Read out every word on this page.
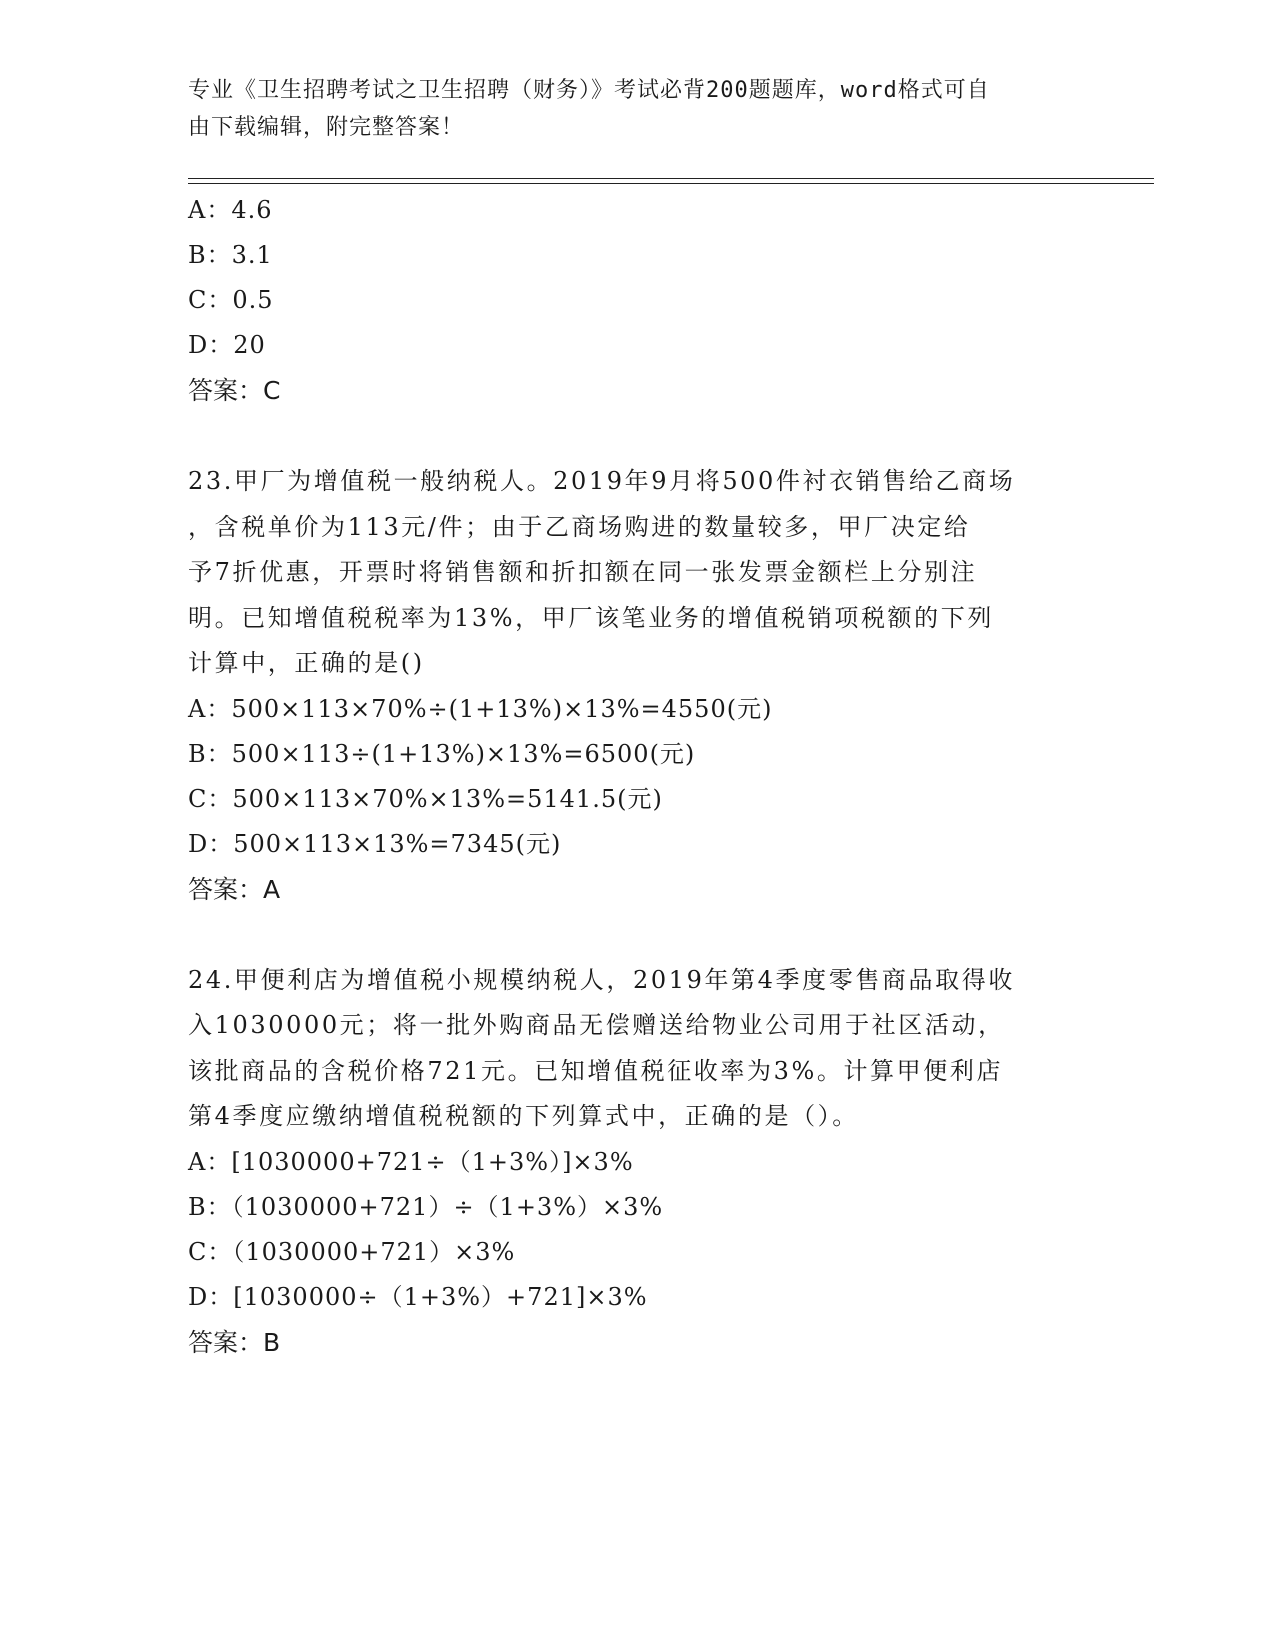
专业《卫生招聘考试之卫生招聘（财务）》考试必背200题题库，word格式可自
由下载编辑，附完整答案！
A：4.6
B：3.1
C：0.5
D：20
答案：C
23.甲厂为增值税一般纳税人。2019年9月将500件衬衣销售给乙商场
，含税单价为113元/件；由于乙商场购进的数量较多，甲厂决定给
予7折优惠，开票时将销售额和折扣额在同一张发票金额栏上分别注
明。已知增值税税率为13%，甲厂该笔业务的增值税销项税额的下列
计算中，正确的是()
A：500×113×70%÷(1+13%)×13%=4550(元)
B：500×113÷(1+13%)×13%=6500(元)
C：500×113×70%×13%=5141.5(元)
D：500×113×13%=7345(元)
答案：A
24.甲便利店为增值税小规模纳税人，2019年第4季度零售商品取得收
入1030000元；将一批外购商品无偿赠送给物业公司用于社区活动，
该批商品的含税价格721元。已知增值税征收率为3%。计算甲便利店
第4季度应缴纳增值税税额的下列算式中，正确的是（）。
A：[1030000+721÷（1+3%）]×3%
B：（1030000+721）÷（1+3%）×3%
C：（1030000+721）×3%
D：[1030000÷（1+3%）+721]×3%
答案：B
